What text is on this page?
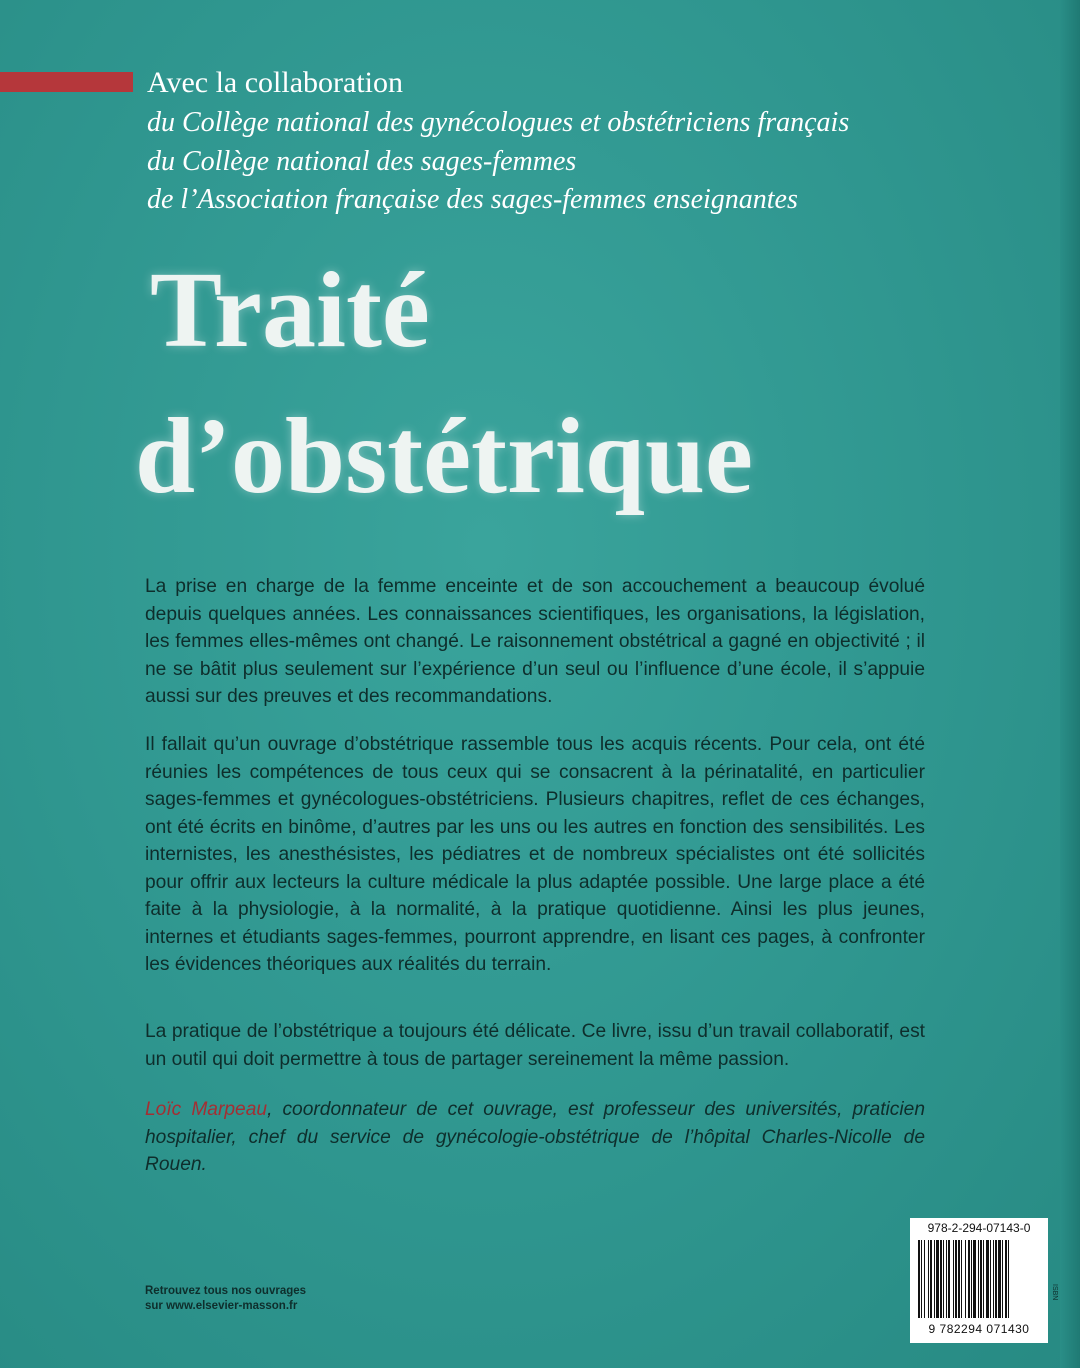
Avec la collaboration

du Collège national des gynécologues et obstétriciens français

du Collège national des sages-femmes

de l’Association française des sages-femmes enseignantes

Traité
d’obstétrique

La prise en charge de la femme enceinte et de son accouchement a beaucoup évolué depuis quelques années. Les connaissances scientifiques, les organisations, la législation, les femmes elles-mêmes ont changé. Le raisonnement obstétrical a gagné en objectivité ; il ne se bâtit plus seulement sur l’expérience d’un seul ou l’influence d’une école, il s’appuie aussi sur des preuves et des recommandations.

Il fallait qu’un ouvrage d’obstétrique rassemble tous les acquis récents. Pour cela, ont été réunies les compétences de tous ceux qui se consacrent à la périnatalité, en particulier sages-femmes et gynécologues-obstétriciens. Plusieurs chapitres, reflet de ces échanges, ont été écrits en binôme, d’autres par les uns ou les autres en fonction des sensibilités. Les internistes, les anesthésistes, les pédiatres et de nombreux spécialistes ont été sollicités pour offrir aux lecteurs la culture médicale la plus adaptée possible. Une large place a été faite à la physiologie, à la normalité, à la pratique quotidienne. Ainsi les plus jeunes, internes et étudiants sages-femmes, pourront apprendre, en lisant ces pages, à confronter les évidences théoriques aux réalités du terrain.

La pratique de l’obstétrique a toujours été délicate. Ce livre, issu d’un travail collaboratif, est un outil qui doit permettre à tous de partager sereinement la même passion.

Loïc Marpeau, coordonnateur de cet ouvrage, est professeur des universités, praticien hospitalier, chef du service de gynécologie-obstétrique de l’hôpital Charles-Nicolle de Rouen.

Retrouvez tous nos ouvrages
sur www.elsevier-masson.fr

978-2-294-07143-0
9 782294 071430
ISBN
